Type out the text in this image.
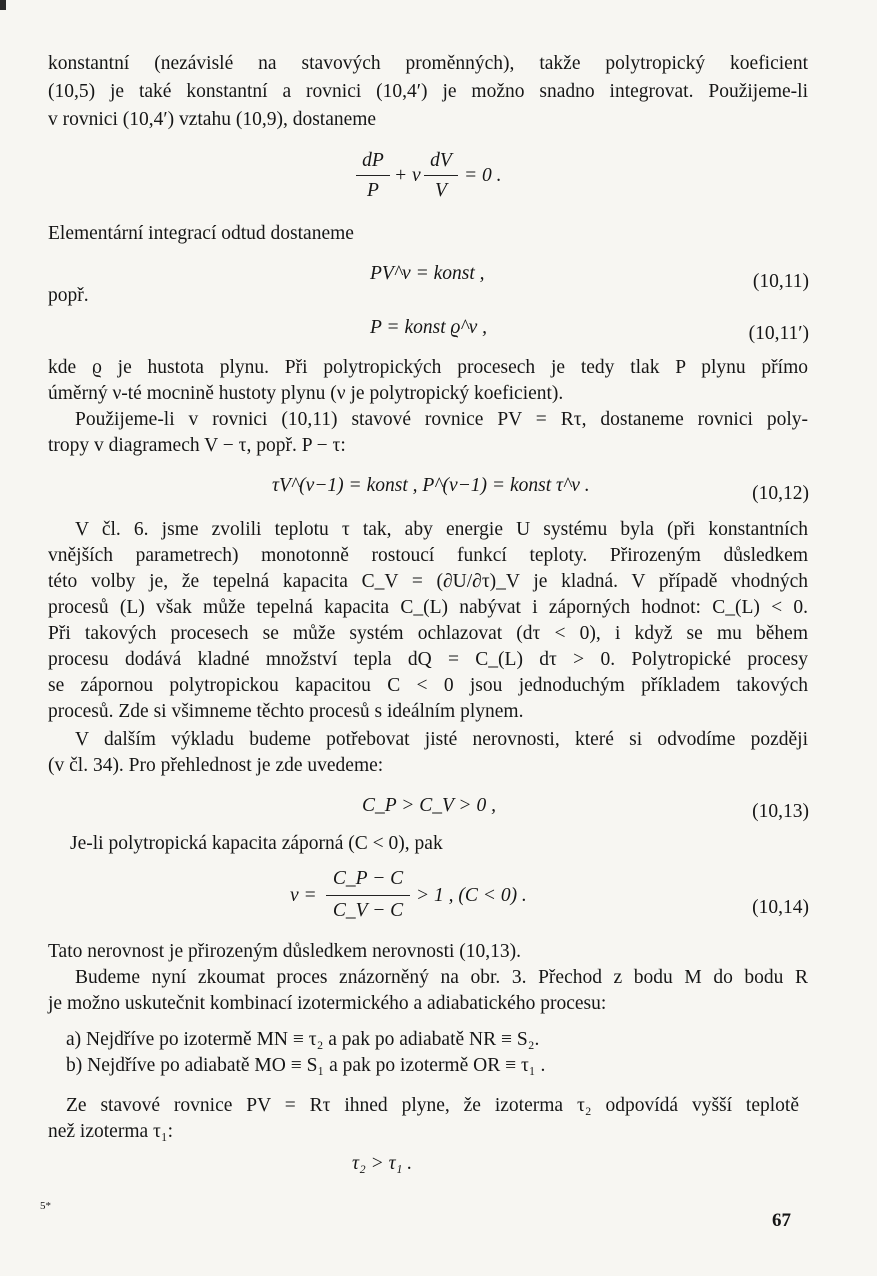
konstantní (nezávislé na stavových proměnných), takže polytropický koeficient
(10,5) je také konstantní a rovnici (10,4′) je možno snadno integrovat. Použijeme-li
v rovnici (10,4′) vztahu (10,9), dostaneme
dP
P
+ ν
dV
V
= 0 .
Elementární integrací odtud dostaneme
PV^ν = konst ,	(10,11)
popř.
P = konst ϱ^ν ,	(10,11′)
kde ϱ je hustota plynu. Při polytropických procesech je tedy tlak P plynu přímo
úměrný ν-té mocnině hustoty plynu (ν je polytropický koeficient).
Použijeme-li v rovnici (10,11) stavové rovnice PV = Rτ, dostaneme rovnici poly-
tropy v diagramech V − τ, popř. P − τ:
τV^(ν−1) = konst , P^(ν−1) = konst τ^ν .	(10,12)
V čl. 6. jsme zvolili teplotu τ tak, aby energie U systému byla (při konstantních
vnějších parametrech) monotonně rostoucí funkcí teploty. Přirozeným důsledkem
této volby je, že tepelná kapacita C_V = (∂U/∂τ)_V je kladná. V případě vhodných
procesů (L) však může tepelná kapacita C_(L) nabývat i záporných hodnot: C_(L) < 0.
Při takových procesech se může systém ochlazovat (dτ < 0), i když se mu během
procesu dodává kladné množství tepla dQ = C_(L) dτ > 0. Polytropické procesy
se zápornou polytropickou kapacitou C < 0 jsou jednoduchým příkladem takových
procesů. Zde si všimneme těchto procesů s ideálním plynem.
V dalším výkladu budeme potřebovat jisté nerovnosti, které si odvodíme později
(v čl. 34). Pro přehlednost je zde uvedeme:
C_P > C_V > 0 ,	(10,13)
Je-li polytropická kapacita záporná (C < 0), pak
ν =
C_P − C
C_V − C
> 1 , (C < 0) .
(10,14)
Tato nerovnost je přirozeným důsledkem nerovnosti (10,13).
Budeme nyní zkoumat proces znázorněný na obr. 3. Přechod z bodu M do bodu R
je možno uskutečnit kombinací izotermického a adiabatického procesu:
a) Nejdříve po izotermě MN ≡ τ₂ a pak po adiabatě NR ≡ S₂.
b) Nejdříve po adiabatě MO ≡ S₁ a pak po izotermě OR ≡ τ₁ .
Ze stavové rovnice PV = Rτ ihned plyne, že izoterma τ₂ odpovídá vyšší teplotě
než izoterma τ₁:
τ₂ > τ₁ .
5*
67
